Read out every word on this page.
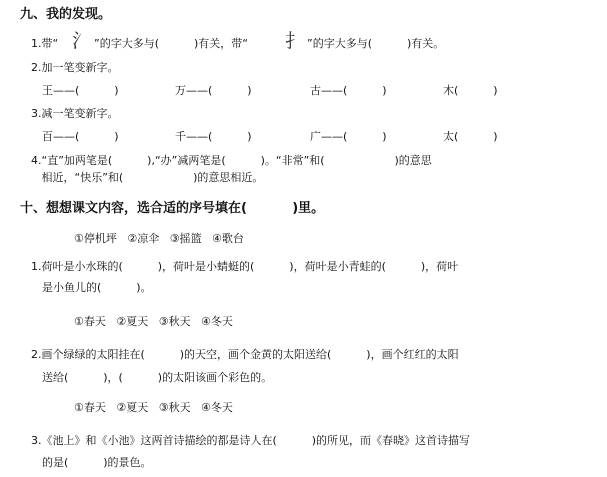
九、我的发现。
1.带“ 氵 ”的字大多与(          )有关，带“ 扌 ”的字大多与(          )有关。
2.加一笔变新字。
王——(          )	万——(          )	古——(          )	木(          )
3.减一笔变新字。
百——(          )	千——(          )	广——(          )	太(          )
4.“直”加两笔是(          ),“办”减两笔是(          )。“非常”和(                    )的意思
相近，“快乐”和(                    )的意思相近。
十、想想课文内容，选合适的序号填在(          )里。
①停机坪   ②凉伞   ③摇篮   ④歌台
1.荷叶是小水珠的(          )，荷叶是小蜻蜓的(          )，荷叶是小青蛙的(          )，荷叶
是小鱼儿的(          )。
①春天   ②夏天   ③秋天   ④冬天
2.画个绿绿的太阳挂在(          )的天空，画个金黄的太阳送给(          )，画个红红的太阳
送给(          )，(          )的太阳该画个彩色的。
①春天   ②夏天   ③秋天   ④冬天
3.《池上》和《小池》这两首诗描绘的都是诗人在(          )的所见，而《春晓》这首诗描写
的是(          )的景色。
